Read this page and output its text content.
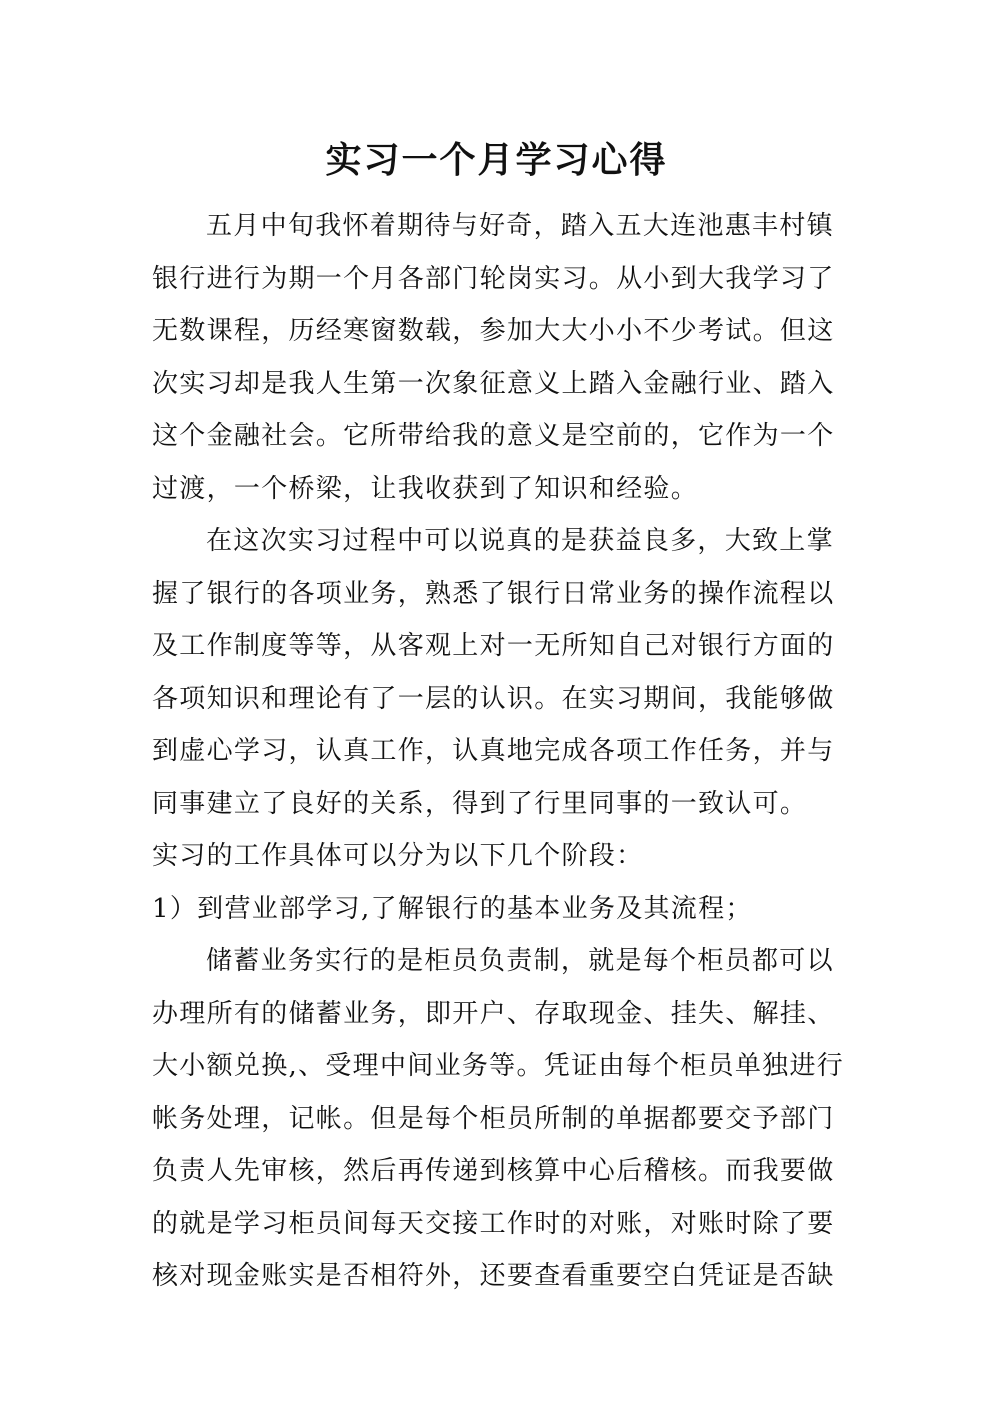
实习一个月学习心得
五月中旬我怀着期待与好奇，踏入五大连池惠丰村镇
银行进行为期一个月各部门轮岗实习。从小到大我学习了
无数课程，历经寒窗数载，参加大大小小不少考试。但这
次实习却是我人生第一次象征意义上踏入金融行业、踏入
这个金融社会。它所带给我的意义是空前的，它作为一个
过渡，一个桥梁，让我收获到了知识和经验。
在这次实习过程中可以说真的是获益良多，大致上掌
握了银行的各项业务，熟悉了银行日常业务的操作流程以
及工作制度等等，从客观上对一无所知自己对银行方面的
各项知识和理论有了一层的认识。在实习期间，我能够做
到虚心学习，认真工作，认真地完成各项工作任务，并与
同事建立了良好的关系，得到了行里同事的一致认可。
实习的工作具体可以分为以下几个阶段：
1）到营业部学习,了解银行的基本业务及其流程；
储蓄业务实行的是柜员负责制，就是每个柜员都可以
办理所有的储蓄业务，即开户、存取现金、挂失、解挂、
大小额兑换,、受理中间业务等。凭证由每个柜员单独进行
帐务处理，记帐。但是每个柜员所制的单据都要交予部门
负责人先审核，然后再传递到核算中心后稽核。而我要做
的就是学习柜员间每天交接工作时的对账，对账时除了要
核对现金账实是否相符外，还要查看重要空白凭证是否缺
